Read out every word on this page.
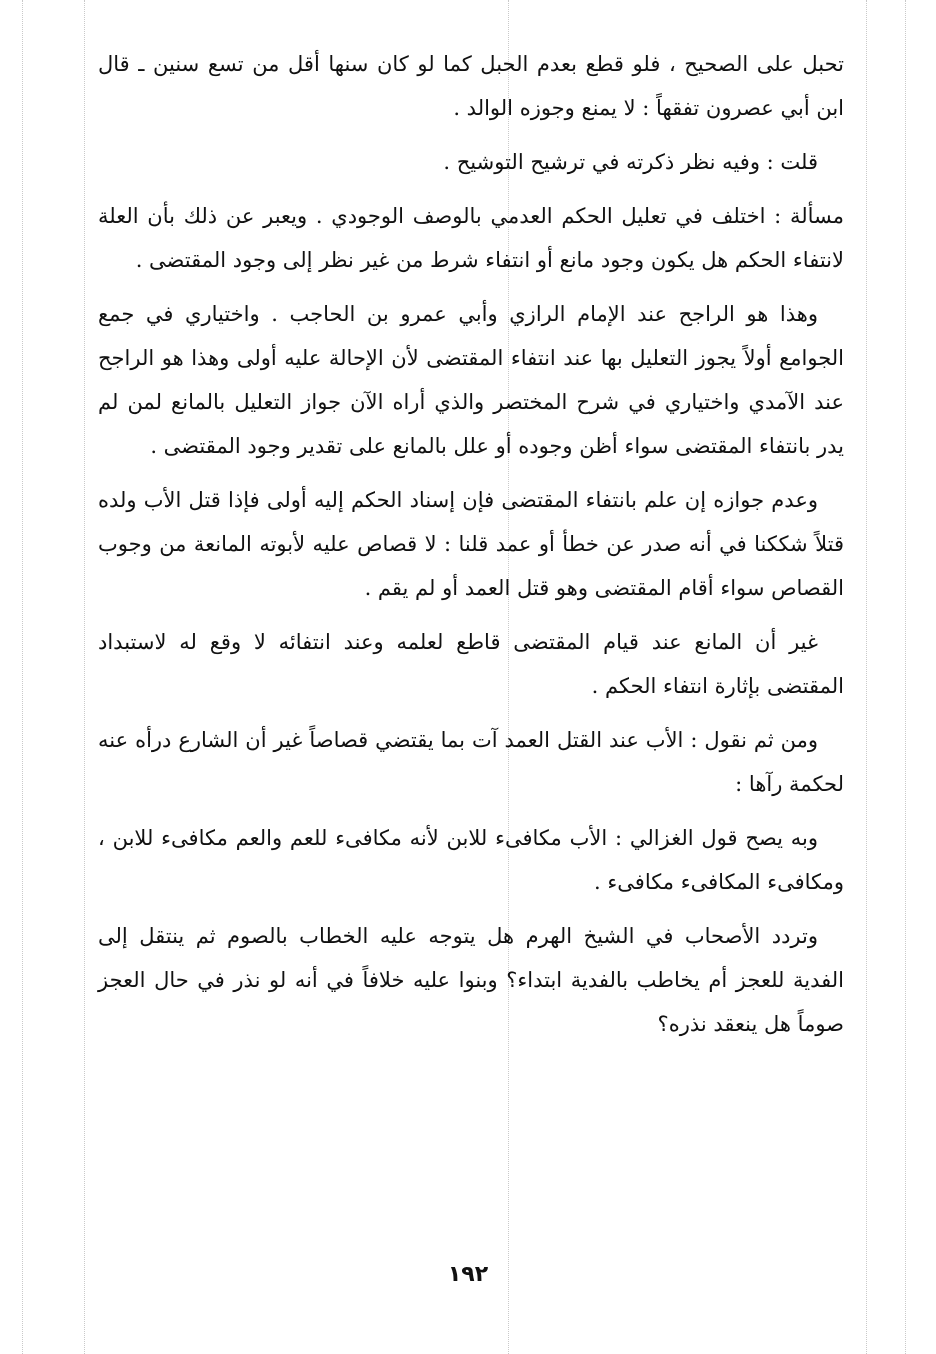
تحبل على الصحيح ، فلو قطع بعدم الحبل كما لو كان سنها أقل من تسع سنين ـ قال ابن أبي عصرون تفقهاً : لا يمنع وجوزه الوالد .

قلت : وفيه نظر ذكرته في ترشيح التوشيح .

مسألة : اختلف في تعليل الحكم العدمي بالوصف الوجودي . ويعبر عن ذلك بأن العلة لانتفاء الحكم هل يكون وجود مانع أو انتفاء شرط من غير نظر إلى وجود المقتضى .

وهذا هو الراجح عند الإمام الرازي وأبي عمرو بن الحاجب . واختياري في جمع الجوامع أولاً يجوز التعليل بها عند انتفاء المقتضى لأن الإحالة عليه أولى وهذا هو الراجح عند الآمدي واختياري في شرح المختصر والذي أراه الآن جواز التعليل بالمانع لمن لم يدر بانتفاء المقتضى سواء أظن وجوده أو علل بالمانع على تقدير وجود المقتضى .

وعدم جوازه إن علم بانتفاء المقتضى فإن إسناد الحكم إليه أولى فإذا قتل الأب ولده قتلاً شككنا في أنه صدر عن خطأ أو عمد قلنا : لا قصاص عليه لأبوته المانعة من وجوب القصاص سواء أقام المقتضى وهو قتل العمد أو لم يقم .

غير أن المانع عند قيام المقتضى قاطع لعلمه وعند انتفائه لا وقع له لاستبداد المقتضى بإثارة انتفاء الحكم .

ومن ثم نقول : الأب عند القتل العمد آت بما يقتضي قصاصاً غير أن الشارع درأه عنه لحكمة رآها :

وبه يصح قول الغزالي : الأب مكافىء للابن لأنه مكافىء للعم والعم مكافىء للابن ، ومكافىء المكافىء مكافىء .

وتردد الأصحاب في الشيخ الهرم هل يتوجه عليه الخطاب بالصوم ثم ينتقل إلى الفدية للعجز أم يخاطب بالفدية ابتداء؟ وبنوا عليه خلافاً في أنه لو نذر في حال العجز صوماً هل ينعقد نذره؟

١٩٢
